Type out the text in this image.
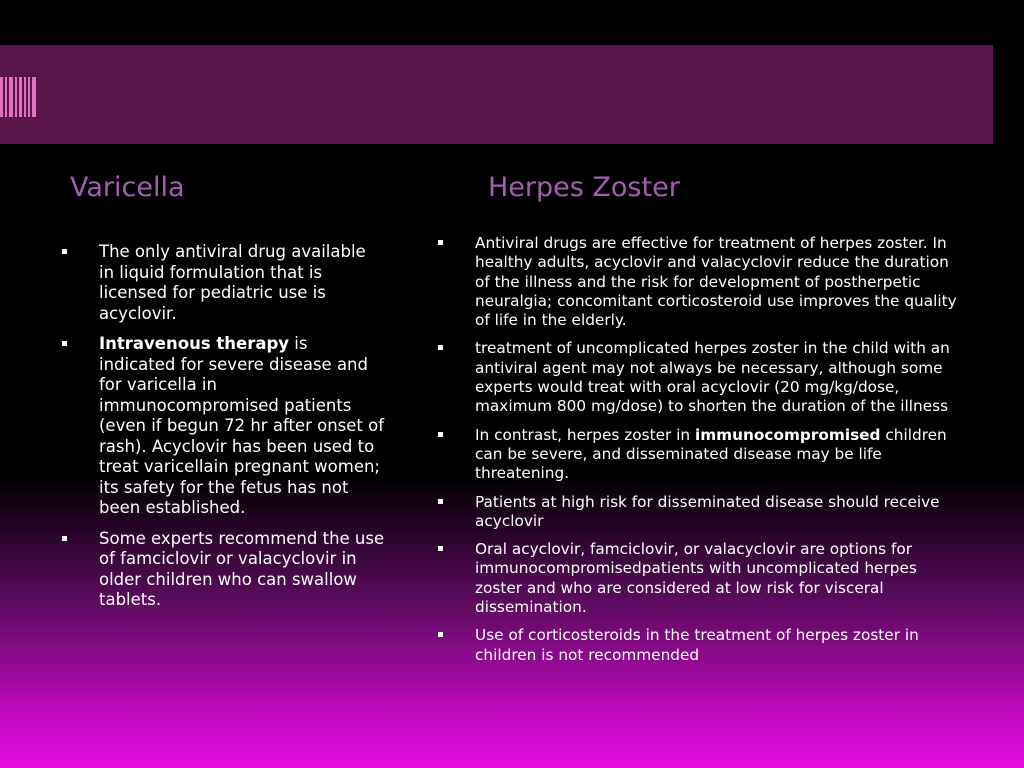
Varicella	Herpes Zoster
The only antiviral drug available in liquid formulation that is licensed for pediatric use is acyclovir.
Intravenous therapy is indicated for severe disease and for varicella in immunocompromised patients (even if begun 72 hr after onset of rash). Acyclovir has been used to treat varicellain pregnant women; its safety for the fetus has not been established.
Some experts recommend the use of famciclovir or valacyclovir in older children who can swallow tablets.
Antiviral drugs are effective for treatment of herpes zoster. In healthy adults, acyclovir and valacyclovir reduce the duration of the illness and the risk for development of postherpetic neuralgia; concomitant corticosteroid use improves the quality of life in the elderly.
treatment of uncomplicated herpes zoster in the child with an antiviral agent may not always be necessary, although some experts would treat with oral acyclovir (20 mg/kg/dose, maximum 800 mg/dose) to shorten the duration of the illness
In contrast, herpes zoster in immunocompromised children can be severe, and disseminated disease may be life threatening.
Patients at high risk for disseminated disease should receive acyclovir
Oral acyclovir, famciclovir, or valacyclovir are options for immunocompromisedpatients with uncomplicated herpes zoster and who are considered at low risk for visceral dissemination.
Use of corticosteroids in the treatment of herpes zoster in children is not recommended
